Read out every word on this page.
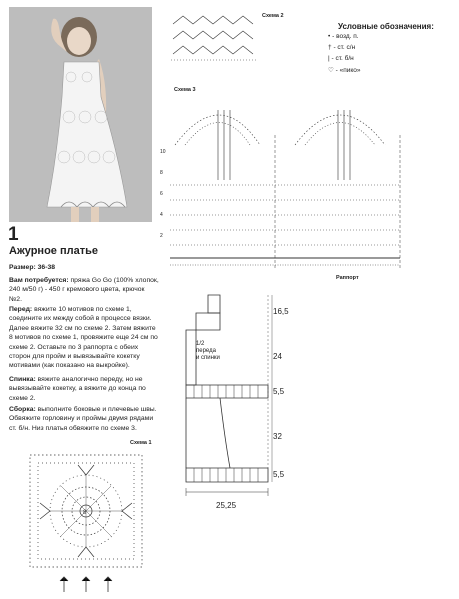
1
Ажурное платье
Размер: 36-38
Вам потребуется: пряжа Go Go (100% хлопок, 240 м/50 г) - 450 г кремового цвета, крючок №2.
Перед: вяжите 10 мотивов по схеме 1, соедините их между собой в процессе вязки. Далее вяжите 32 см по схеме 2. Затем вяжите 8 мотивов по схеме 1, провяжите еще 24 см по схеме 2. Оставьте по 3 раппорта с обеих сторон для пройм и вывязывайте кокетку мотивами (как показано на выкройке).
Спинка: вяжите аналогично переду, но не вывязывайте кокетку, а вяжите до конца по схеме 2.
Сборка: выполните боковые и плечевые швы. Обвяжите горловину и проймы двумя рядами ст. б/н. Низ платья обвяжите по схеме 3.
Схема 1
8
Схема 2
Условные обозначения:
• - возд. п.
† - ст. с/н
| - ст. б/н
♡ - «пико»
Схема 3
10
8
6
4
2
Раппорт
1/2
переда
и спинки
16,5
24
5,5
32
5,5
25,25
